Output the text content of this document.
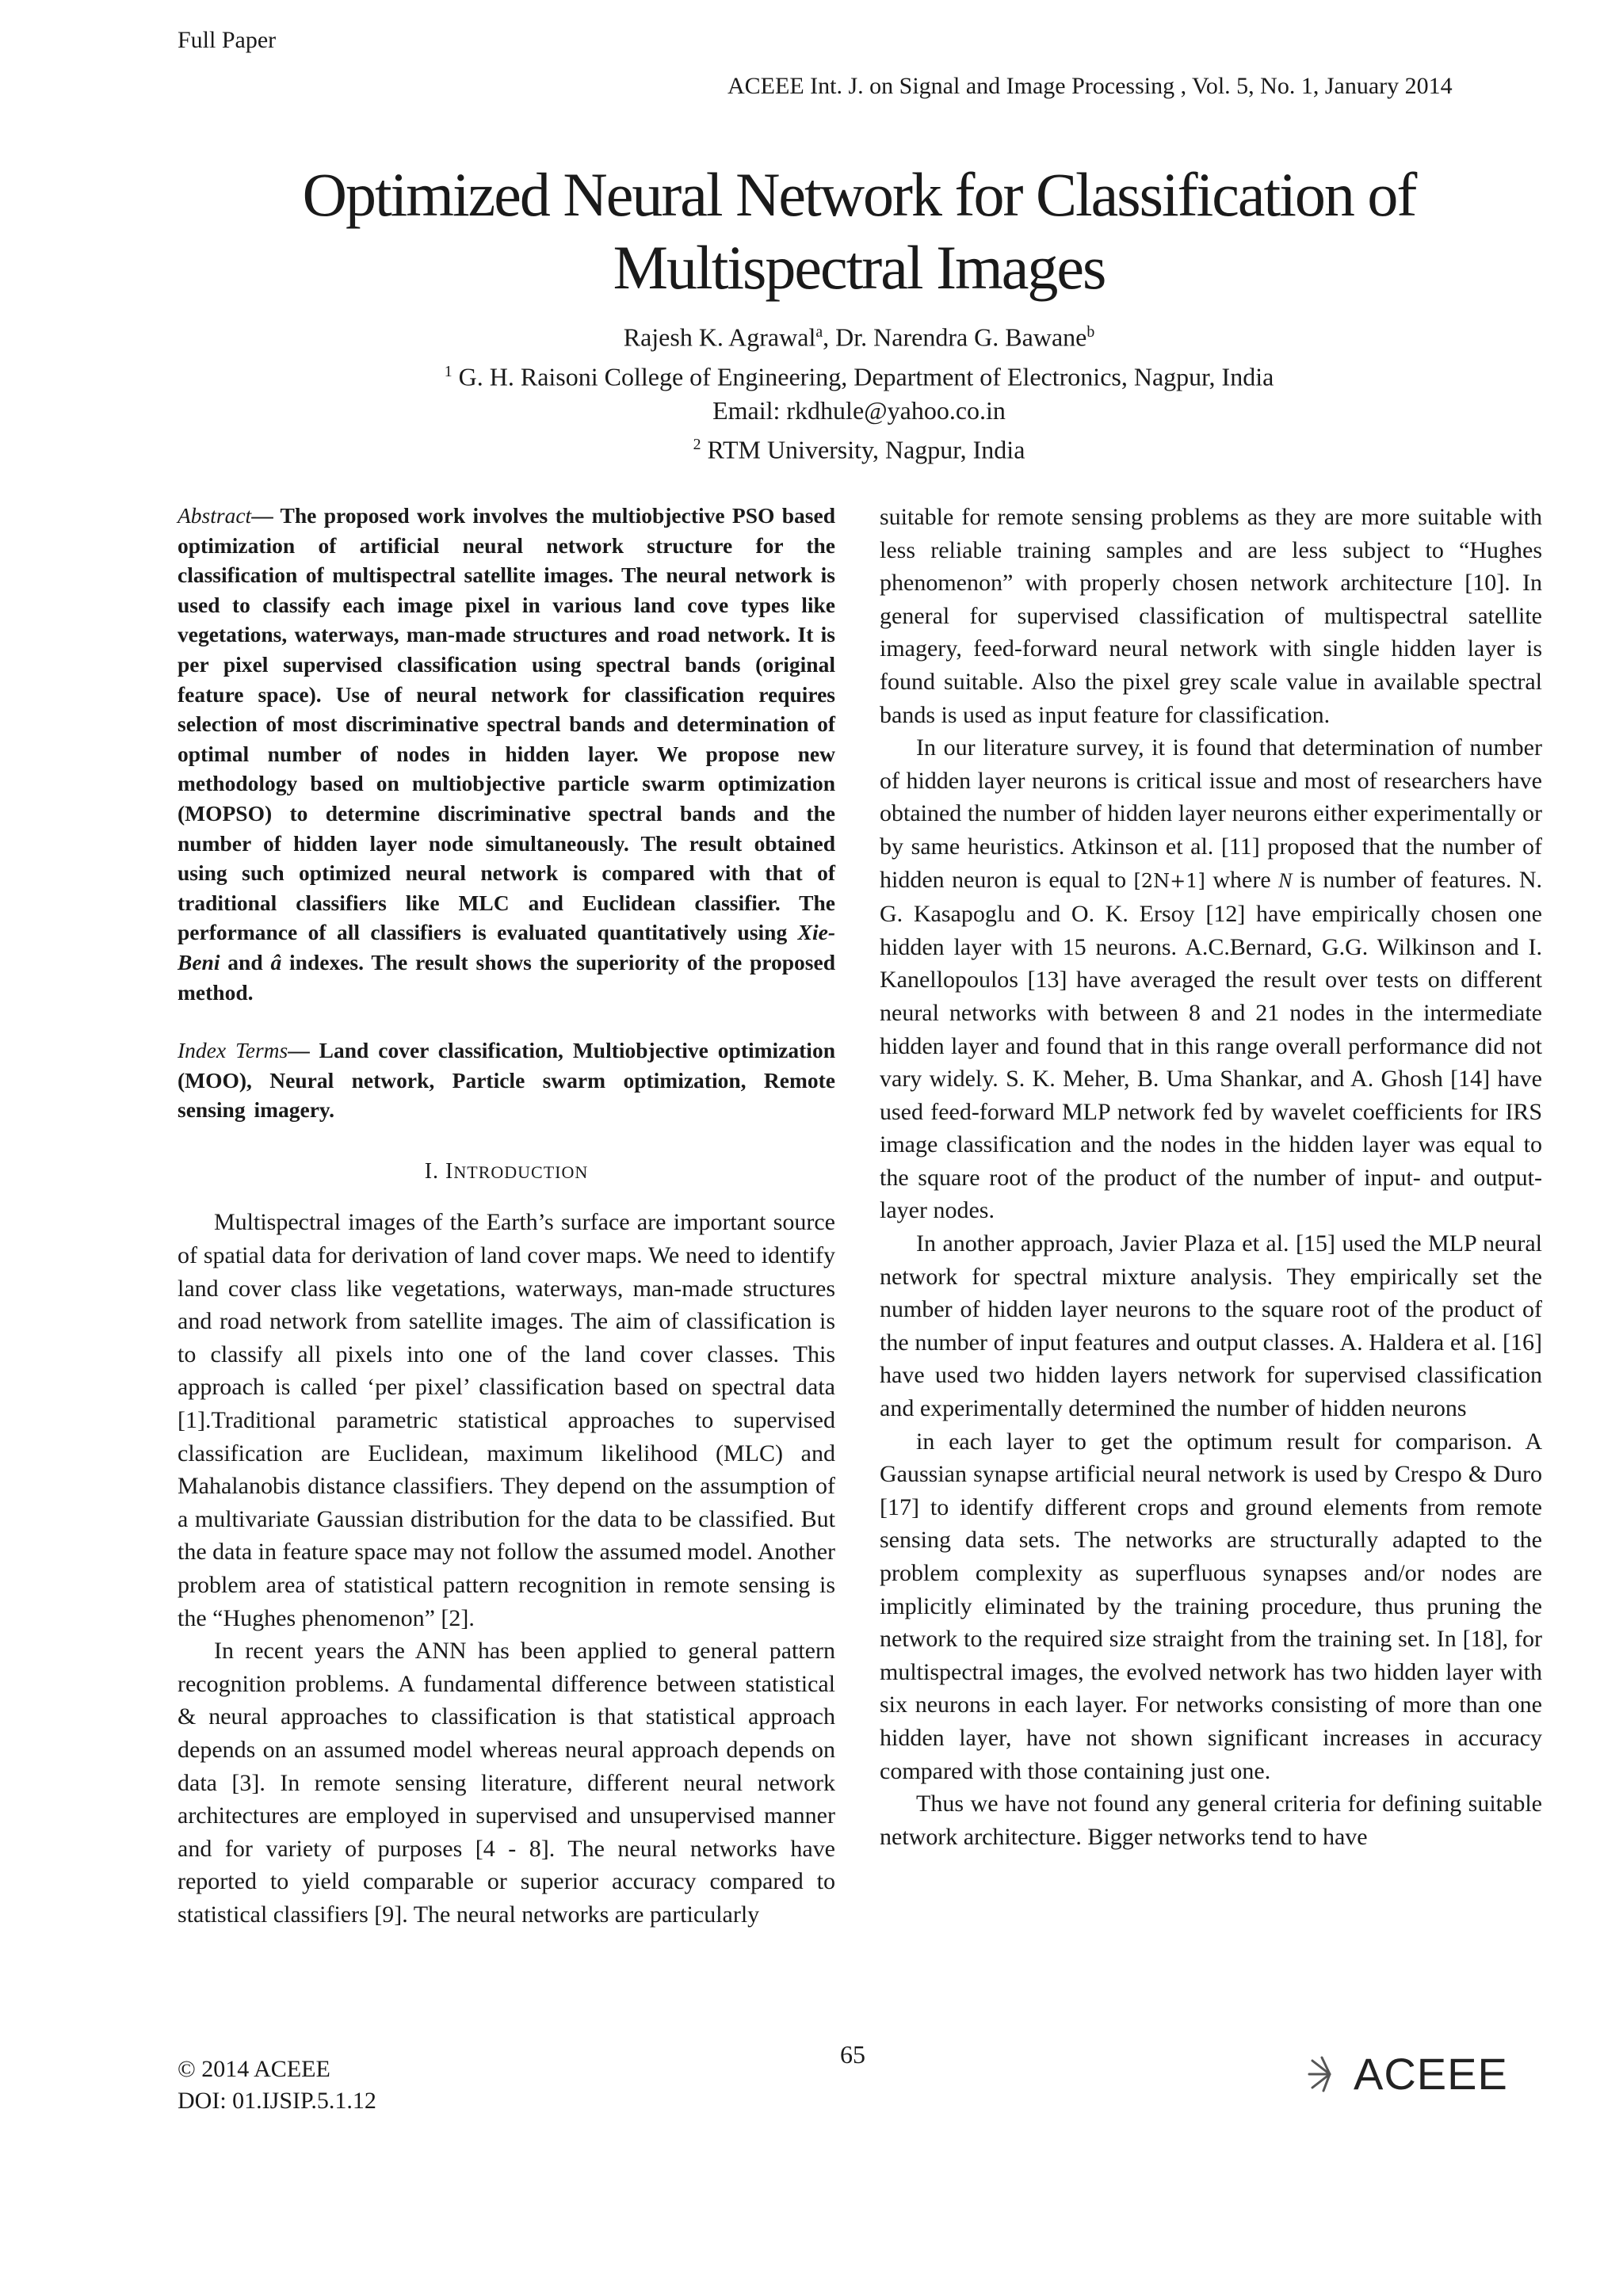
Full Paper
ACEEE Int. J. on Signal and Image Processing , Vol. 5, No. 1, January 2014
Optimized Neural Network for Classification of
Multispectral Images
Rajesh K. Agrawal$^a$, Dr. Narendra G. Bawane$^b$
$^1$ G. H. Raisoni College of Engineering, Department of Electronics, Nagpur, India
Email: rkdhule@yahoo.co.in
$^2$ RTM University, Nagpur, India

Abstract— The proposed work involves the multiobjective PSO based optimization of artificial neural network structure for the classification of multispectral satellite images. The neural network is used to classify each image pixel in various land cove types like vegetations, waterways, man-made structures and road network. It is per pixel supervised classification using spectral bands (original feature space). Use of neural network for classification requires selection of most discriminative spectral bands and determination of optimal number of nodes in hidden layer. We propose new methodology based on multiobjective particle swarm optimization (MOPSO) to determine discriminative spectral bands and the number of hidden layer node simultaneously. The result obtained using such optimized neural network is compared with that of traditional classifiers like MLC and Euclidean classifier. The performance of all classifiers is evaluated quantitatively using Xie-Beni and â indexes. The result shows the superiority of the proposed method.

Index Terms— Land cover classification, Multiobjective optimization (MOO), Neural network, Particle swarm optimization, Remote sensing imagery.

I. INTRODUCTION

Multispectral images of the Earth’s surface are important source of spatial data for derivation of land cover maps. We need to identify land cover class like vegetations, waterways, man-made structures and road network from satellite images. The aim of classification is to classify all pixels into one of the land cover classes. This approach is called ‘per pixel’ classification based on spectral data [1].Traditional parametric statistical approaches to supervised classification are Euclidean, maximum likelihood (MLC) and Mahalanobis distance classifiers. They depend on the assumption of a multivariate Gaussian distribution for the data to be classified. But the data in feature space may not follow the assumed model. Another problem area of statistical pattern recognition in remote sensing is the “Hughes phenomenon” [2].

In recent years the ANN has been applied to general pattern recognition problems. A fundamental difference between statistical & neural approaches to classification is that statistical approach depends on an assumed model whereas neural approach depends on data [3]. In remote sensing literature, different neural network architectures are employed in supervised and unsupervised manner and for variety of purposes [4 - 8]. The neural networks have reported to yield comparable or superior accuracy compared to statistical classifiers [9]. The neural networks are particularly

suitable for remote sensing problems as they are more suitable with less reliable training samples and are less subject to “Hughes phenomenon” with properly chosen network architecture [10]. In general for supervised classification of multispectral satellite imagery, feed-forward neural network with single hidden layer is found suitable. Also the pixel grey scale value in available spectral bands is used as input feature for classification.

In our literature survey, it is found that determination of number of hidden layer neurons is critical issue and most of researchers have obtained the number of hidden layer neurons either experimentally or by same heuristics. Atkinson et al. [11] proposed that the number of hidden neuron is equal to [2N+1] where N is number of features. N. G. Kasapoglu and O. K. Ersoy [12] have empirically chosen one hidden layer with 15 neurons. A.C.Bernard, G.G. Wilkinson and I. Kanellopoulos [13] have averaged the result over tests on different neural networks with between 8 and 21 nodes in the intermediate hidden layer and found that in this range overall performance did not vary widely. S. K. Meher, B. Uma Shankar, and A. Ghosh [14] have used feed-forward MLP network fed by wavelet coefficients for IRS image classification and the nodes in the hidden layer was equal to the square root of the product of the number of input- and output-layer nodes.

In another approach, Javier Plaza et al. [15] used the MLP neural network for spectral mixture analysis. They empirically set the number of hidden layer neurons to the square root of the product of the number of input features and output classes. A. Haldera et al. [16] have used two hidden layers network for supervised classification and experimentally determined the number of hidden neurons

in each layer to get the optimum result for comparison. A Gaussian synapse artificial neural network is used by Crespo & Duro [17] to identify different crops and ground elements from remote sensing data sets. The networks are structurally adapted to the problem complexity as superfluous synapses and/or nodes are implicitly eliminated by the training procedure, thus pruning the network to the required size straight from the training set. In [18], for multispectral images, the evolved network has two hidden layer with six neurons in each layer. For networks consisting of more than one hidden layer, have not shown significant increases in accuracy compared with those containing just one.

Thus we have not found any general criteria for defining suitable network architecture. Bigger networks tend to have

65
© 2014 ACEEE
DOI: 01.IJSIP.5.1.12
ACEEE
